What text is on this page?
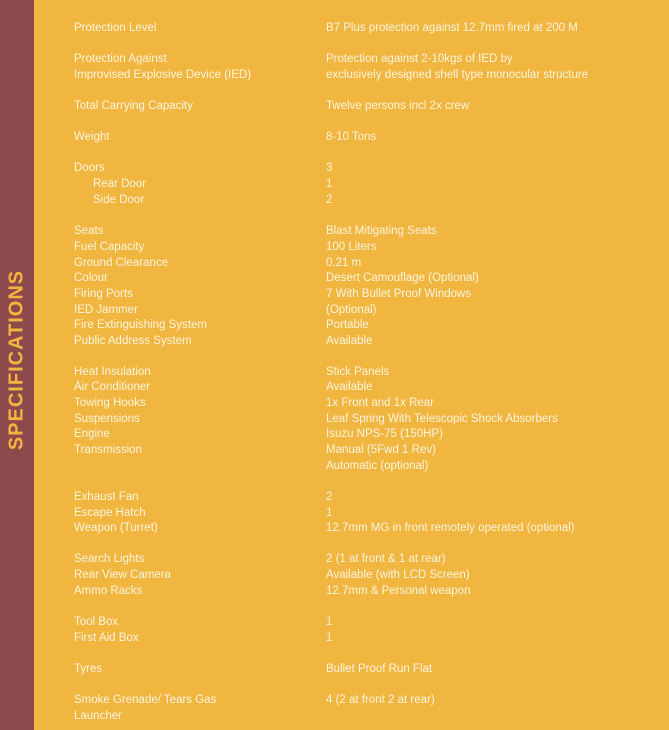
SPECIFICATIONS
Protection Level	B7 Plus protection against 12.7mm fired at 200 M
Protection Against	Protection against 2-10kgs of IED by
Improvised Explosive Device (IED)	exclusively designed shell type monocular structure
Total Carrying Capacity	Twelve persons incl 2x crew
Weight	8-10 Tons
Doors	3
Rear Door	1
Side Door	2
Seats	Blast Mitigating Seats
Fuel Capacity	100 Liters
Ground Clearance	0.21 m
Colour	Desert Camouflage (Optional)
Firing Ports	7 With Bullet Proof Windows
IED Jammer	(Optional)
Fire Extinguishing System	Portable
Public Address System	Available
Heat Insulation	Stick Panels
Air Conditioner	Available
Towing Hooks	1x Front and 1x Rear
Suspensions	Leaf Spring With Telescopic Shock Absorbers
Engine	Isuzu NPS-75 (150HP)
Transmission	Manual (5Fwd 1 Rev)
Automatic (optional)
Exhaust Fan	2
Escape Hatch	1
Weapon (Turret)	12.7mm MG in front remotely operated (optional)
Search Lights	2 (1 at front & 1 at rear)
Rear View Camera	Available (with LCD Screen)
Ammo Racks	12.7mm & Personal weapon
Tool Box	1
First Aid Box	1
Tyres	Bullet Proof Run Flat
Smoke Grenade/ Tears Gas	4 (2 at front 2 at rear)
Launcher
